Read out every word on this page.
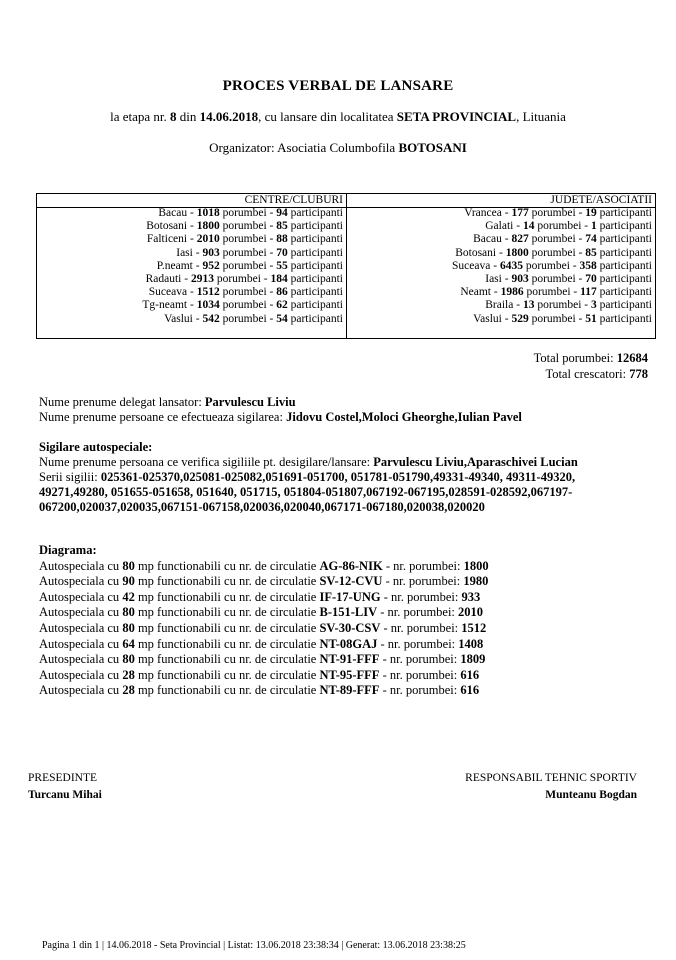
PROCES VERBAL DE LANSARE
la etapa nr. 8 din 14.06.2018, cu lansare din localitatea SETA PROVINCIAL, Lituania
Organizator: Asociatia Columbofila BOTOSANI
CENTRE/CLUBURI
Bacau - 1018 porumbei - 94 participanti
Botosani - 1800 porumbei - 85 participanti
Falticeni - 2010 porumbei - 88 participanti
Iasi - 903 porumbei - 70 participanti
P.neamt - 952 porumbei - 55 participanti
Radauti - 2913 porumbei - 184 participanti
Suceava - 1512 porumbei - 86 participanti
Tg-neamt - 1034 porumbei - 62 participanti
Vaslui - 542 porumbei - 54 participanti
JUDETE/ASOCIATII
Vrancea - 177 porumbei - 19 participanti
Galati - 14 porumbei - 1 participanti
Bacau - 827 porumbei - 74 participanti
Botosani - 1800 porumbei - 85 participanti
Suceava - 6435 porumbei - 358 participanti
Iasi - 903 porumbei - 70 participanti
Neamt - 1986 porumbei - 117 participanti
Braila - 13 porumbei - 3 participanti
Vaslui - 529 porumbei - 51 participanti
Total porumbei: 12684
Total crescatori: 778
Nume prenume delegat lansator: Parvulescu Liviu
Nume prenume persoane ce efectueaza sigilarea: Jidovu Costel,Moloci Gheorghe,Iulian Pavel
Sigilare autospeciale:
Nume prenume persoana ce verifica sigiliile pt. desigilare/lansare: Parvulescu Liviu,Aparaschivei Lucian
Serii sigilii: 025361-025370,025081-025082,051691-051700, 051781-051790,49331-49340, 49311-49320,
49271,49280, 051655-051658, 051640, 051715, 051804-051807,067192-067195,028591-028592,067197-
067200,020037,020035,067151-067158,020036,020040,067171-067180,020038,020020
Diagrama:
Autospeciala cu 80 mp functionabili cu nr. de circulatie AG-86-NIK - nr. porumbei: 1800
Autospeciala cu 90 mp functionabili cu nr. de circulatie SV-12-CVU - nr. porumbei: 1980
Autospeciala cu 42 mp functionabili cu nr. de circulatie IF-17-UNG - nr. porumbei: 933
Autospeciala cu 80 mp functionabili cu nr. de circulatie B-151-LIV - nr. porumbei: 2010
Autospeciala cu 80 mp functionabili cu nr. de circulatie SV-30-CSV - nr. porumbei: 1512
Autospeciala cu 64 mp functionabili cu nr. de circulatie NT-08GAJ - nr. porumbei: 1408
Autospeciala cu 80 mp functionabili cu nr. de circulatie NT-91-FFF - nr. porumbei: 1809
Autospeciala cu 28 mp functionabili cu nr. de circulatie NT-95-FFF - nr. porumbei: 616
Autospeciala cu 28 mp functionabili cu nr. de circulatie NT-89-FFF - nr. porumbei: 616
PRESEDINTE
Turcanu Mihai
RESPONSABIL TEHNIC SPORTIV
Munteanu Bogdan
Pagina 1 din 1 | 14.06.2018 - Seta Provincial | Listat: 13.06.2018 23:38:34 | Generat: 13.06.2018 23:38:25
